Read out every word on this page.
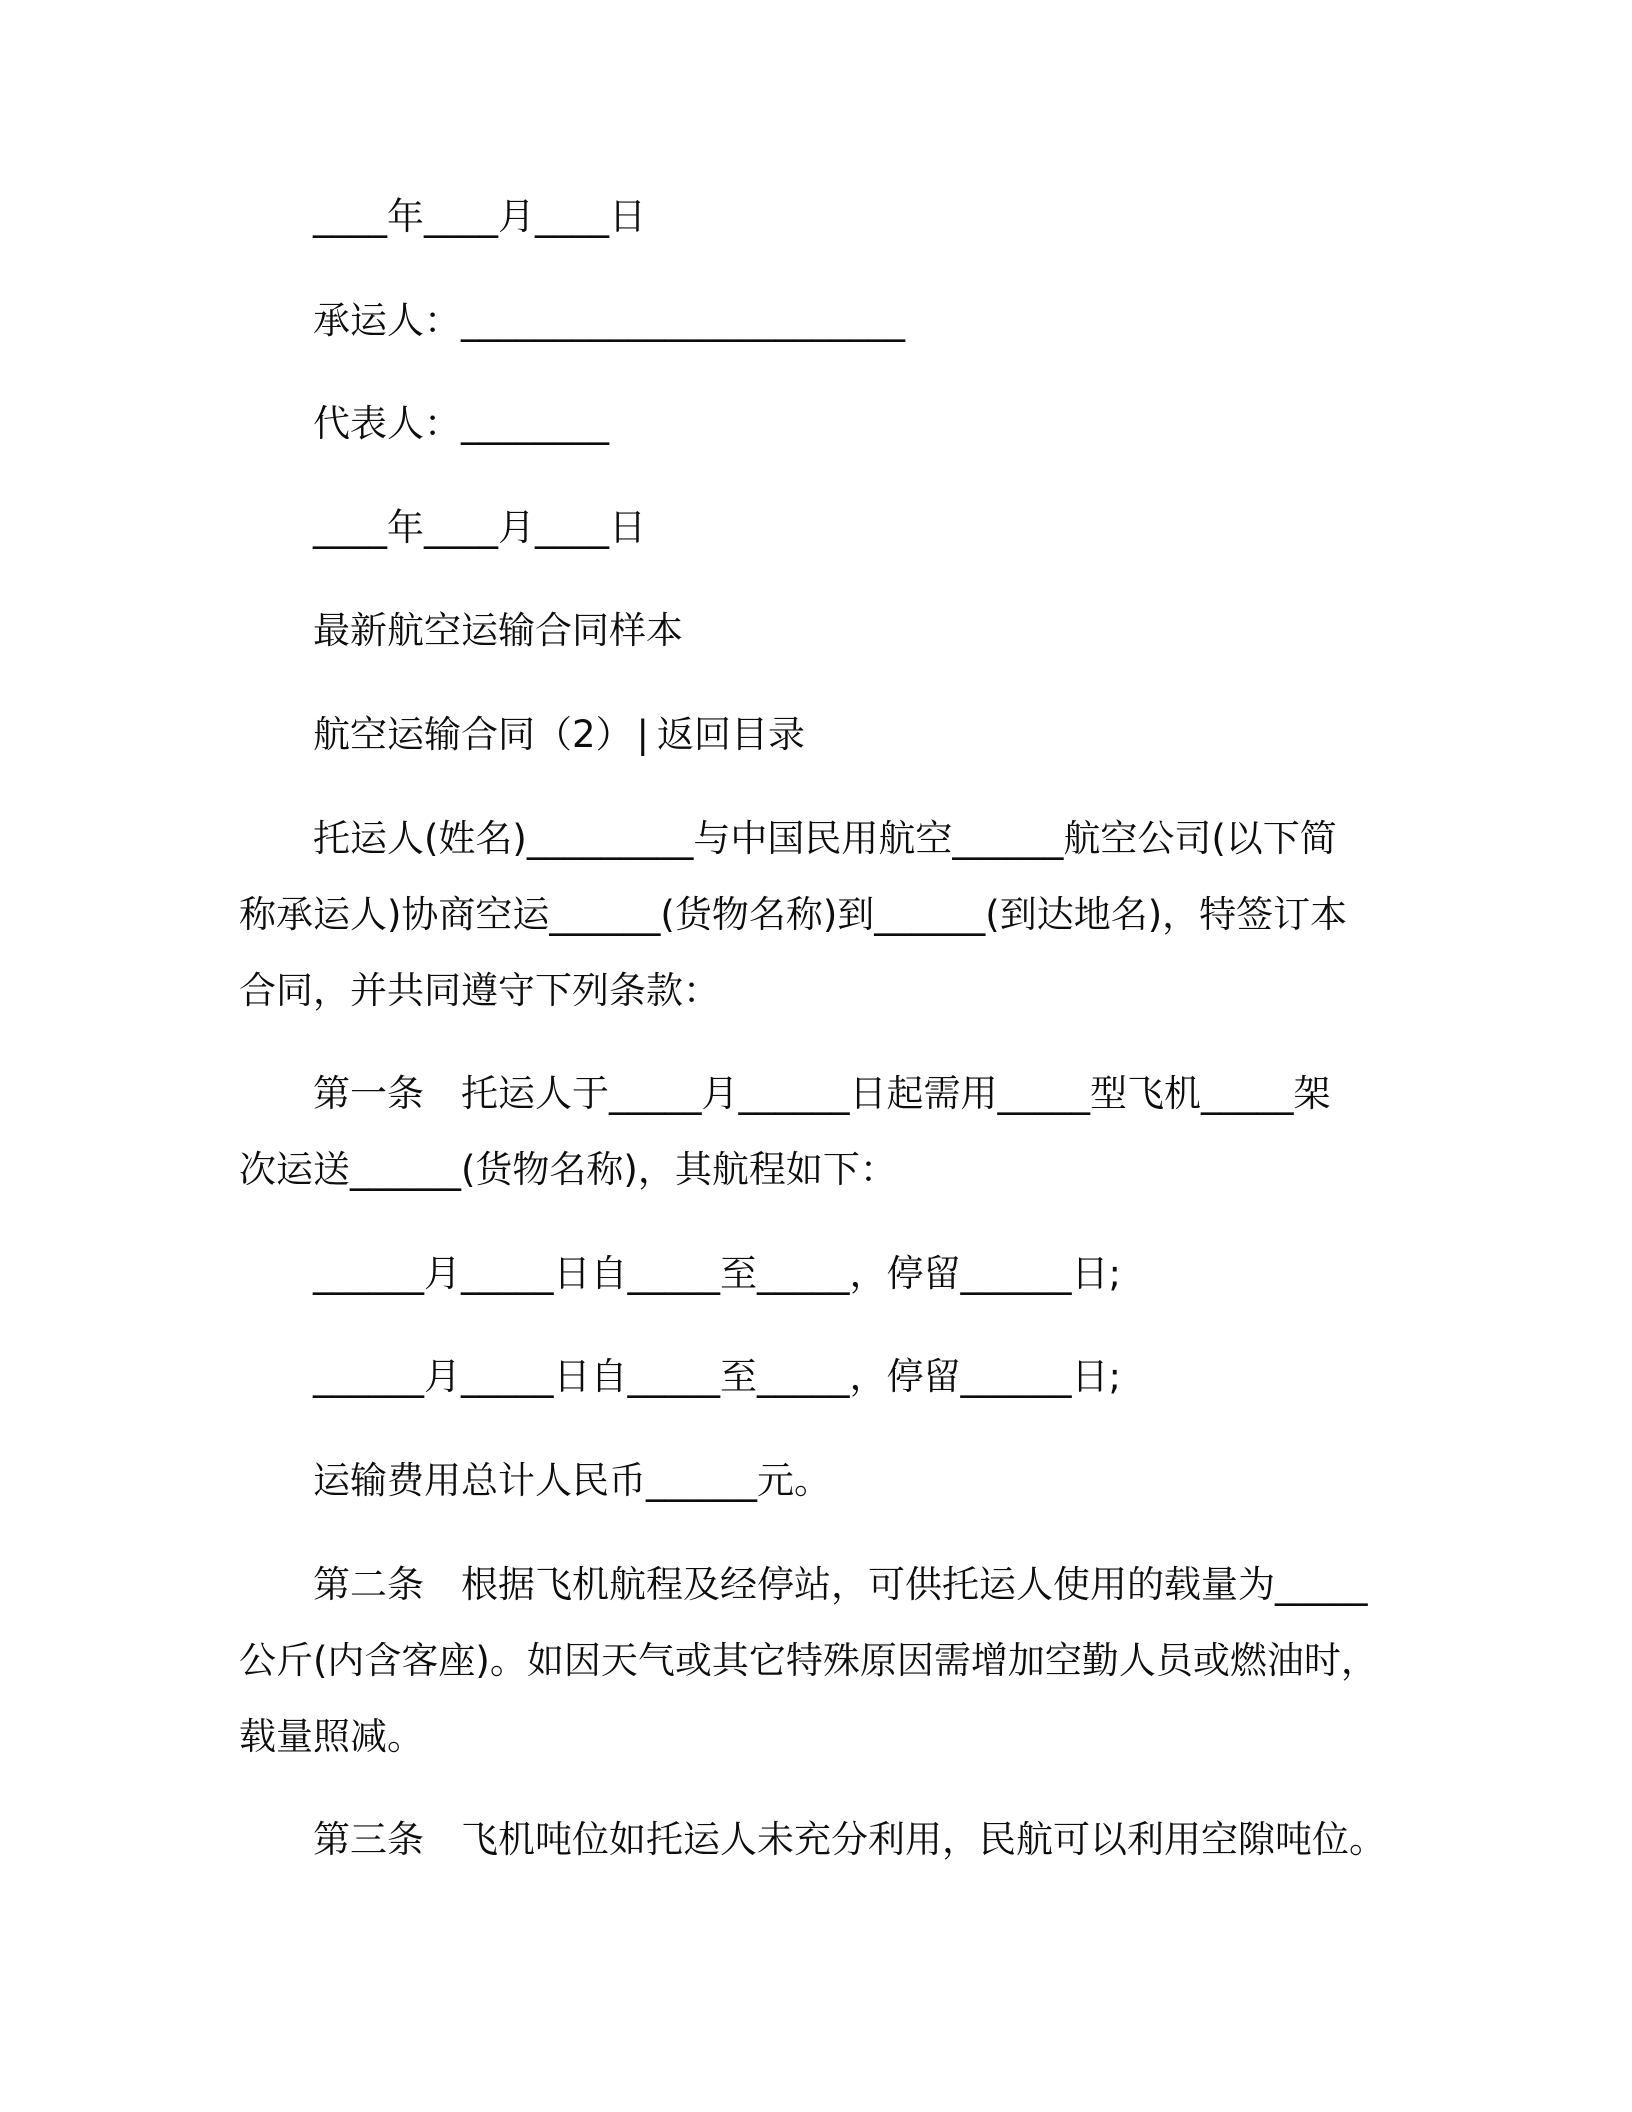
____年____月____日
承运人：________________________
代表人：________
____年____月____日
最新航空运输合同样本
航空运输合同（2） | 返回目录
托运人(姓名)_________与中国民用航空______航空公司(以下简
称承运人)协商空运______(货物名称)到______(到达地名)，特签订本
合同，并共同遵守下列条款：
第一条　托运人于_____月______日起需用_____型飞机_____架
次运送______(货物名称)，其航程如下：
______月_____日自_____至_____，停留______日;
______月_____日自_____至_____，停留______日;
运输费用总计人民币______元。
第二条　根据飞机航程及经停站，可供托运人使用的载量为_____
公斤(内含客座)。如因天气或其它特殊原因需增加空勤人员或燃油时，
载量照减。
第三条　飞机吨位如托运人未充分利用，民航可以利用空隙吨位。
